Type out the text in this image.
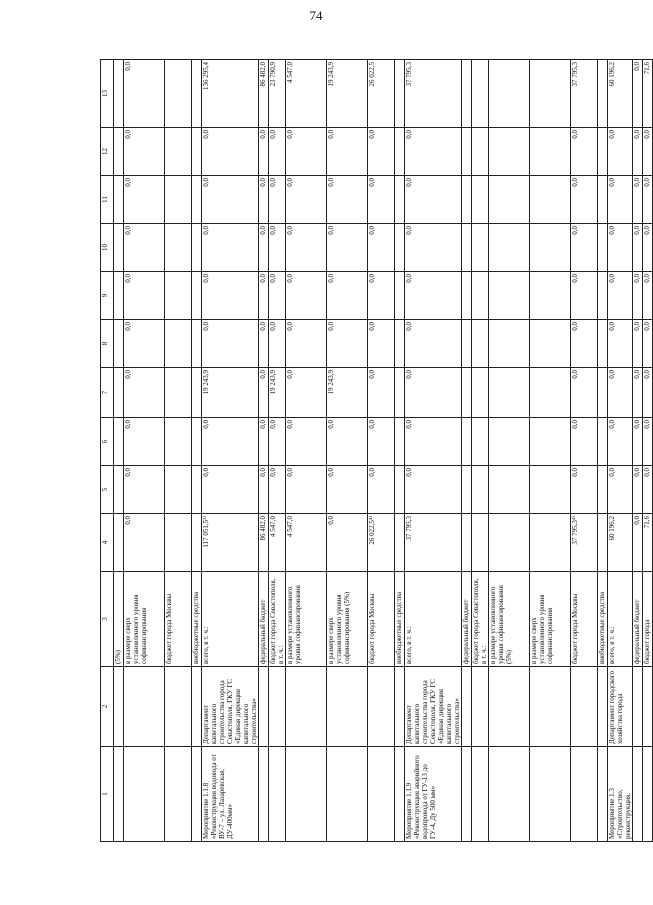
74
1	2	3	4	5	6	7	8	9	10	11	12	13
		(5%)										
		в размере сверх установленного уровня софинансирования	0,0	0,0	0,0	0,0	0,0	0,0	0,0	0,0	0,0	0,0
		бюджет города Москвы										
		внебюджетные средства										
Мероприятие 1.1.8 «Реконструкция водовода от ВУ-7 – ул. Лазаревская, ДУ-400мм»	Департамент капитального строительства города Севастополя, ГКУ ГС «Единая дирекция капитального строительства»	всего, в т. ч.:	117 051,5²⁾	0,0	0,0	19 243,9	0,0	0,0	0,0	0,0	0,0	136 295,4
		федеральный бюджет	86 482,0	0,0	0,0	0,0	0,0	0,0	0,0	0,0	0,0	86 482,0
		бюджет города Севастополя, в т. ч.:	4 547,0	0,0	0,0	19 243,9	0,0	0,0	0,0	0,0	0,0	23 790,9
		в размере установленного уровня софинансирования	4 547,0	0,0	0,0	0,0	0,0	0,0	0,0	0,0	0,0	4 547,0
		в размере сверх установленного уровня софинансирования (5%)	0,0	0,0	0,0	19 243,9	0,0	0,0	0,0	0,0	0,0	19 243,9
		бюджет города Москвы	26 022,5⁴⁾	0,0	0,0	0,0	0,0	0,0	0,0	0,0	0,0	26 022,5
		внебюджетные средства										
Мероприятие 1.1.9 «Реконструкция аварийного водопровода от ГУ-13 до ГУ-4, Ду 500 мм»	Департамент капитального строительства города Севастополя, ГКУ ГС «Единая дирекция капитального строительства»	всего, в т. ч.:	37 795,3	0,0	0,0	0,0	0,0	0,0	0,0	0,0	0,0	37 795,3
		федеральный бюджет										
		бюджет города Севастополя, в т. ч.:										
		в размере установленного уровня софинансирования (5%)										
		в размере сверх установленного уровня софинансирования										
		бюджет города Москвы	37 795,3⁴⁾	0,0	0,0	0,0	0,0	0,0	0,0	0,0	0,0	37 795,3
		внебюджетные средства										
Мероприятие 1.3 «Строительство, реконструкция,	Департамент городского хозяйства города	всего, в т. ч.:	60 196,2	0,0	0,0	0,0	0,0	0,0	0,0	0,0	0,0	60 196,2
		федеральный бюджет	0,0	0,0	0,0	0,0	0,0	0,0	0,0	0,0	0,0	0,0
		бюджет города	71,6	0,0	0,0	0,0	0,0	0,0	0,0	0,0	0,0	71,6
